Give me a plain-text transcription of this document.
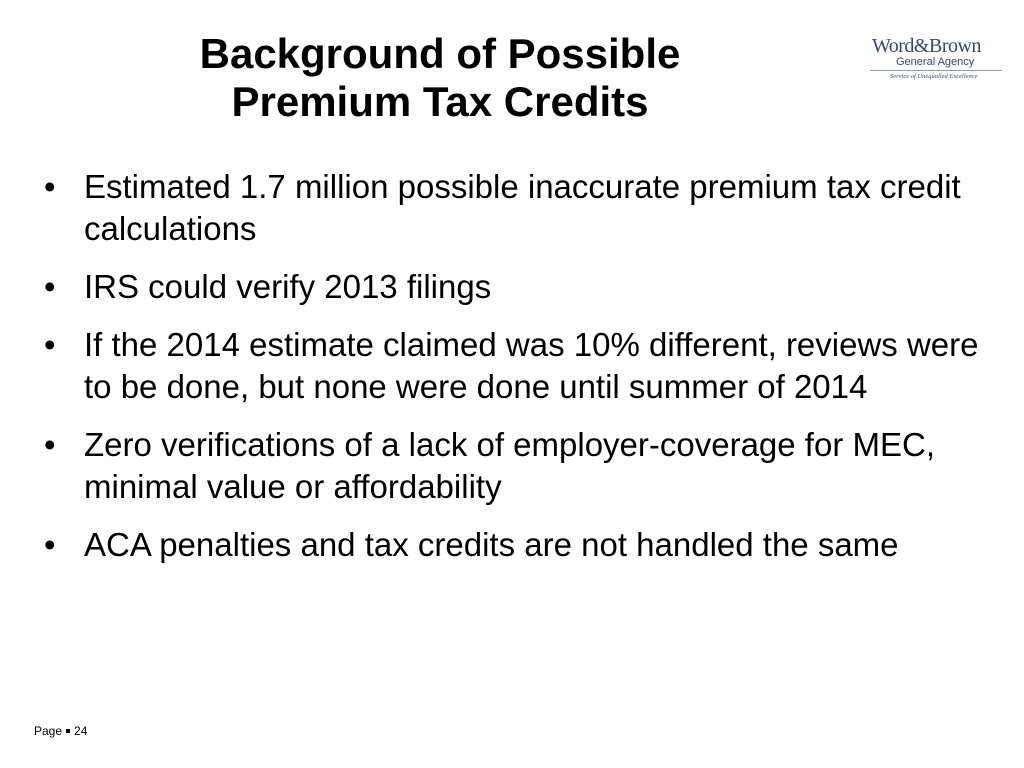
Background of Possible
Premium Tax Credits
Word&Brown
General Agency
Service of Unequalled Excellence
• Estimated 1.7 million possible inaccurate premium tax credit calculations
• IRS could verify 2013 filings
• If the 2014 estimate claimed was 10% different, reviews were to be done, but none were done until summer of 2014
• Zero verifications of a lack of employer-coverage for MEC, minimal value or affordability
• ACA penalties and tax credits are not handled the same
Page 24
